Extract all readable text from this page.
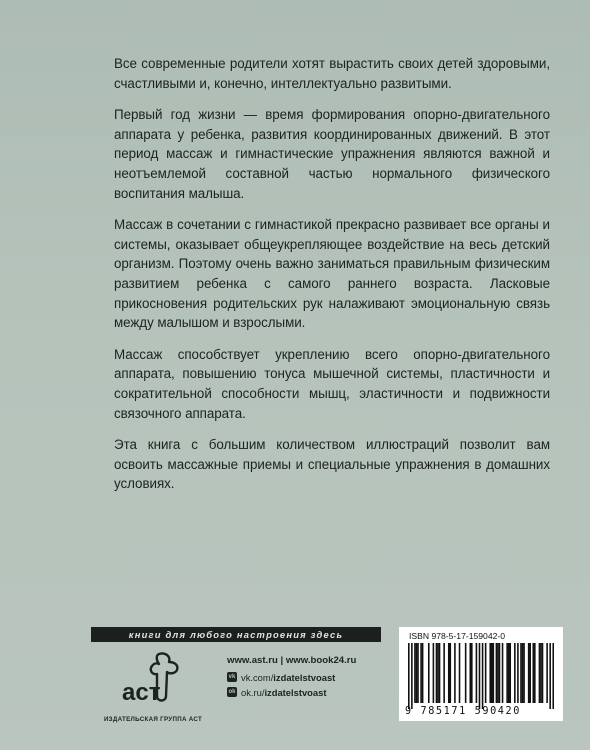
Все современные родители хотят вырастить своих детей здоровыми, счастливыми и, конечно, интеллектуально развитыми.

Первый год жизни — время формирования опорно-двигательного аппарата у ребенка, развития координированных движений. В этот период массаж и гимнастические упражнения являются важной и неотъемлемой составной частью нормального физического воспитания малыша.

Массаж в сочетании с гимнастикой прекрасно развивает все органы и системы, оказывает общеукрепляющее воздействие на весь детский организм. Поэтому очень важно заниматься правильным физическим развитием ребенка с самого раннего возраста. Ласковые прикосновения родительских рук налаживают эмоциональную связь между малышом и взрослыми.

Массаж способствует укреплению всего опорно-двигательного аппарата, повышению тонуса мышечной системы, пластичности и сократительной способности мышц, эластичности и подвижности связочного аппарата.

Эта книга с большим количеством иллюстраций позволит вам освоить массажные приемы и специальные упражнения в домашних условиях.

книги для любого настроения здесь
аст
ИЗДАТЕЛЬСКАЯ ГРУППА АСТ
www.ast.ru | www.book24.ru
vk vk.com/izdatelstvoast
ok ok.ru/izdatelstvoast
ISBN 978-5-17-159042-0
9 785171 590420
